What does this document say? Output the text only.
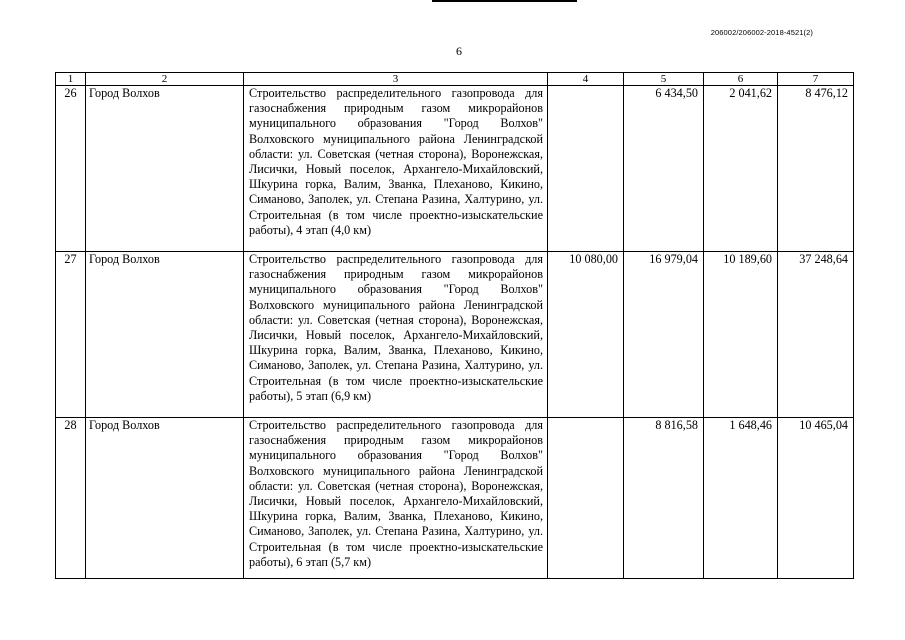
206002/206002-2018-4521(2)
6
1	2	3	4	5	6	7
26	Город Волхов	Строительство распределительного газопровода для газоснабжения природным газом микрорайонов муниципального образования "Город Волхов" Волховского муниципального района Ленинградской области: ул. Советская (четная сторона), Воронежская, Лисички, Новый поселок, Архангело-Михайловский, Шкурина горка, Валим, Званка, Плеханово, Кикино, Симаново, Заполек, ул. Степана Разина, Халтурино, ул. Строительная (в том числе проектно-изыскательские работы), 4 этап (4,0 км)		6 434,50	2 041,62	8 476,12
27	Город Волхов	Строительство распределительного газопровода для газоснабжения природным газом микрорайонов муниципального образования "Город Волхов" Волховского муниципального района Ленинградской области: ул. Советская (четная сторона), Воронежская, Лисички, Новый поселок, Архангело-Михайловский, Шкурина горка, Валим, Званка, Плеханово, Кикино, Симаново, Заполек, ул. Степана Разина, Халтурино, ул. Строительная (в том числе проектно-изыскательские работы), 5 этап (6,9 км)	10 080,00	16 979,04	10 189,60	37 248,64
28	Город Волхов	Строительство распределительного газопровода для газоснабжения природным газом микрорайонов муниципального образования "Город Волхов" Волховского муниципального района Ленинградской области: ул. Советская (четная сторона), Воронежская, Лисички, Новый поселок, Архангело-Михайловский, Шкурина горка, Валим, Званка, Плеханово, Кикино, Симаново, Заполек, ул. Степана Разина, Халтурино, ул. Строительная (в том числе проектно-изыскательские работы), 6 этап (5,7 км)		8 816,58	1 648,46	10 465,04
